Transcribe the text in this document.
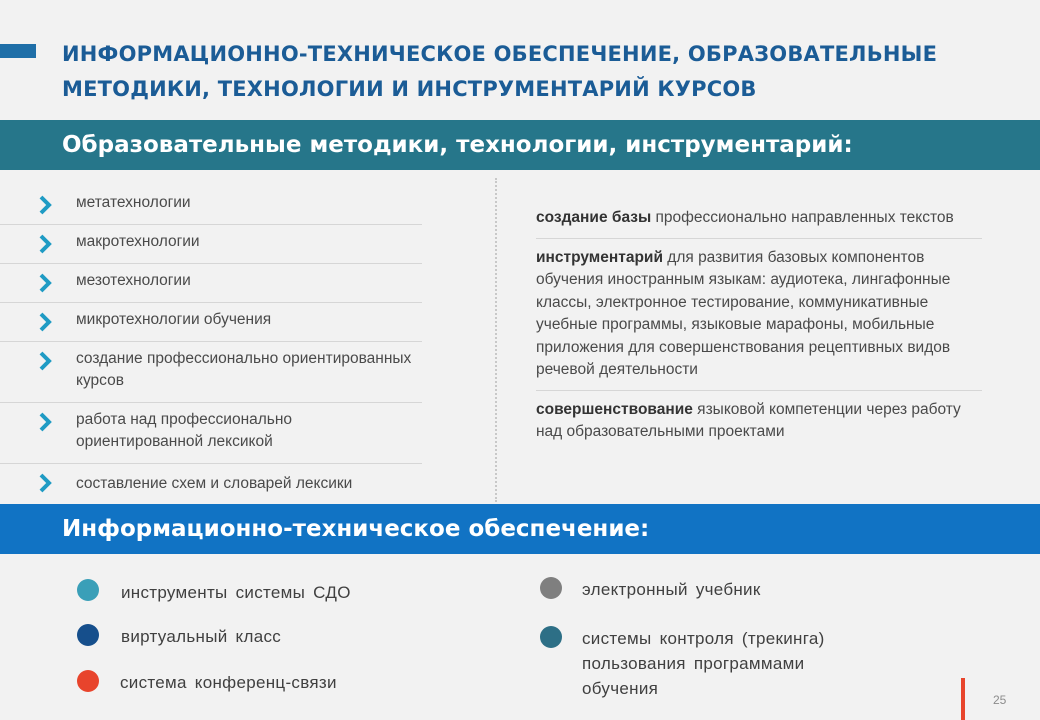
ИНФОРМАЦИОННО-ТЕХНИЧЕСКОЕ ОБЕСПЕЧЕНИЕ, ОБРАЗОВАТЕЛЬНЫЕ
МЕТОДИКИ, ТЕХНОЛОГИИ И ИНСТРУМЕНТАРИЙ КУРСОВ
Образовательные методики, технологии, инструментарий:
метатехнологии
макротехнологии
мезотехнологии
микротехнологии обучения
создание профессионально ориентированных курсов
работа над профессионально ориентированной лексикой
составление схем и словарей лексики
создание базы профессионально направленных текстов
инструментарий для развития базовых компонентов обучения иностранным языкам: аудиотека, лингафонные классы, электронное тестирование, коммуникативные учебные программы, языковые марафоны, мобильные приложения для совершенствования рецептивных видов речевой деятельности
совершенствование языковой компетенции через работу над образовательными проектами
Информационно-техническое обеспечение:
инструменты системы СДО
виртуальный класс
система конференц-связи
электронный учебник
системы контроля (трекинга) пользования программами обучения
25
